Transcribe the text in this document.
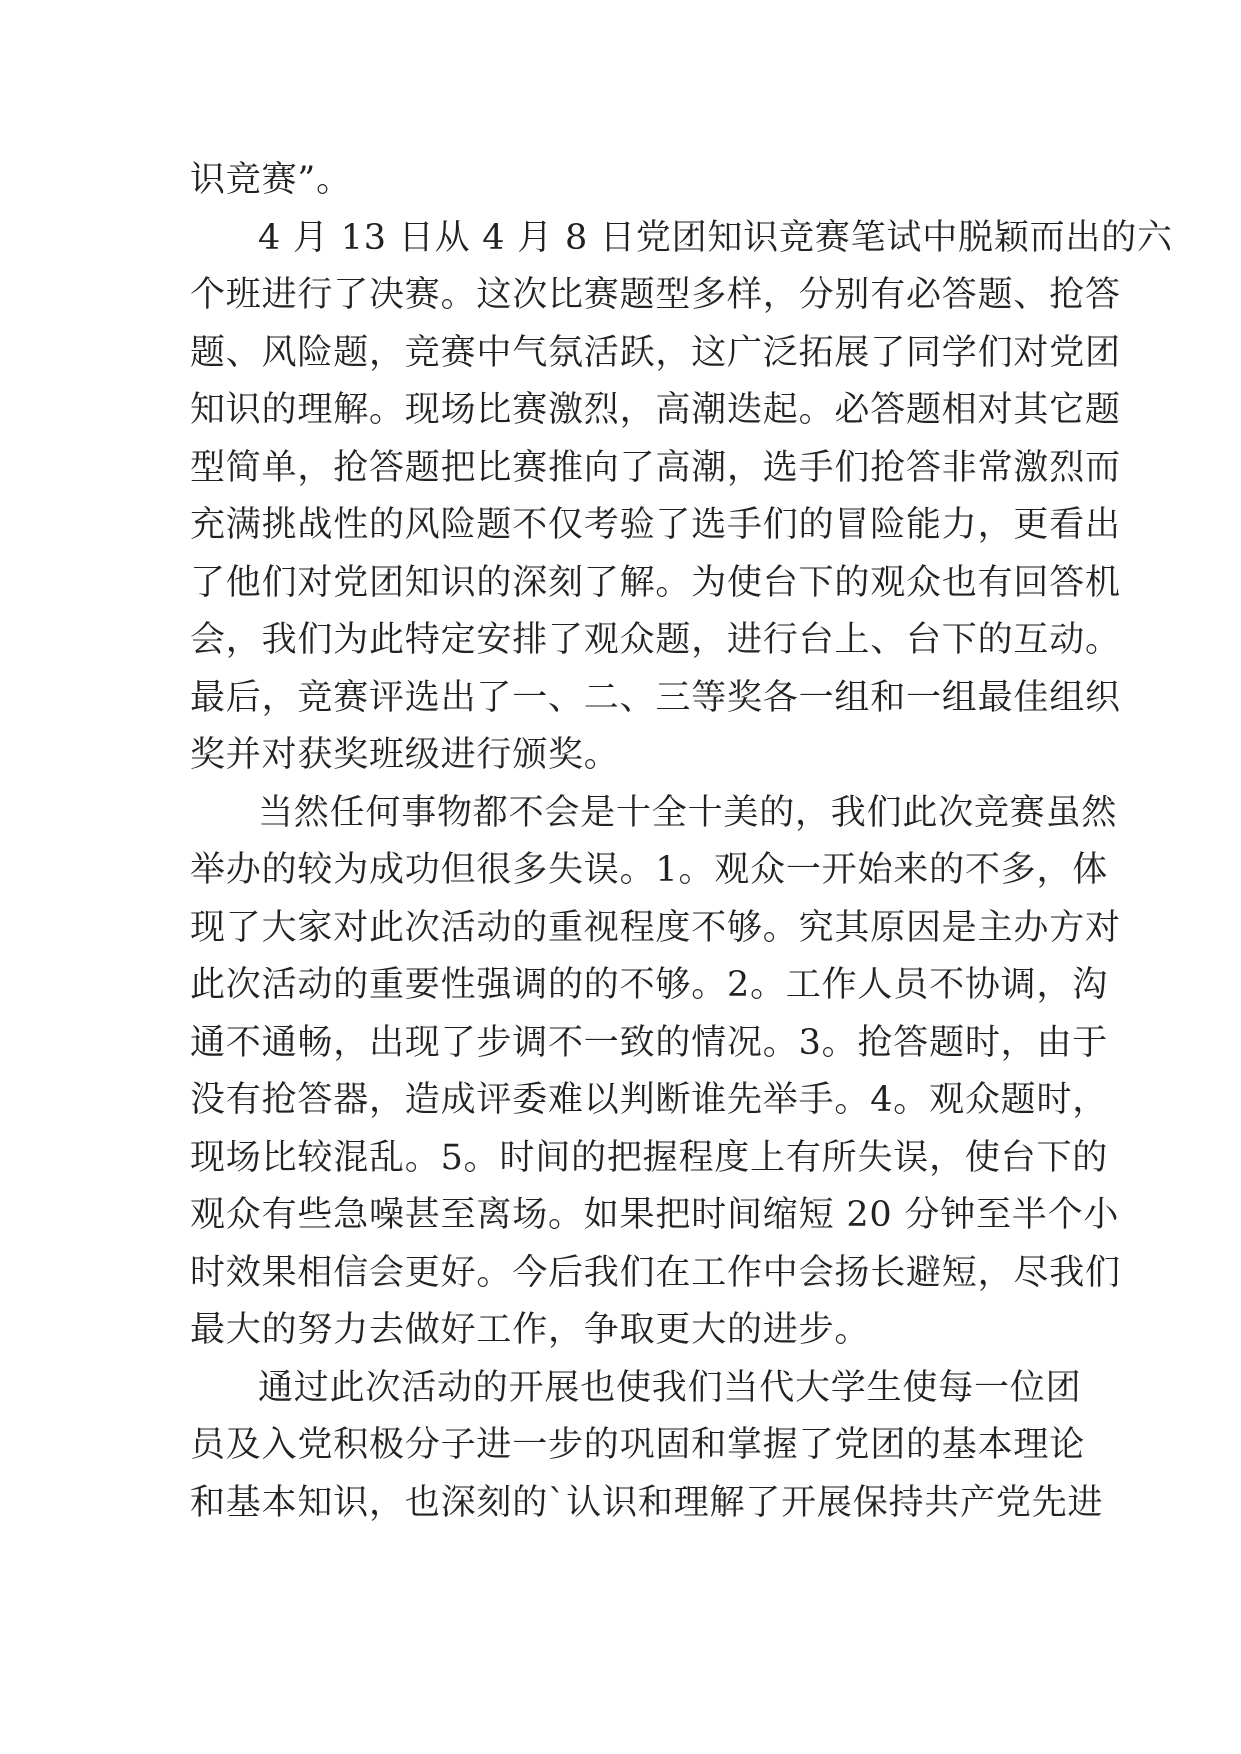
识竞赛”。
4 月 13 日从 4 月 8 日党团知识竞赛笔试中脱颖而出的六
个班进行了决赛。这次比赛题型多样，分别有必答题、抢答
题、风险题，竞赛中气氛活跃，这广泛拓展了同学们对党团
知识的理解。现场比赛激烈，高潮迭起。必答题相对其它题
型简单，抢答题把比赛推向了高潮，选手们抢答非常激烈而
充满挑战性的风险题不仅考验了选手们的冒险能力，更看出
了他们对党团知识的深刻了解。为使台下的观众也有回答机
会，我们为此特定安排了观众题，进行台上、台下的互动。
最后，竞赛评选出了一、二、三等奖各一组和一组最佳组织
奖并对获奖班级进行颁奖。
当然任何事物都不会是十全十美的，我们此次竞赛虽然
举办的较为成功但很多失误。1。观众一开始来的不多，体
现了大家对此次活动的重视程度不够。究其原因是主办方对
此次活动的重要性强调的的不够。2。工作人员不协调，沟
通不通畅，出现了步调不一致的情况。3。抢答题时，由于
没有抢答器，造成评委难以判断谁先举手。4。观众题时，
现场比较混乱。5。时间的把握程度上有所失误，使台下的
观众有些急噪甚至离场。如果把时间缩短 20 分钟至半个小
时效果相信会更好。今后我们在工作中会扬长避短，尽我们
最大的努力去做好工作，争取更大的进步。
通过此次活动的开展也使我们当代大学生使每一位团
员及入党积极分子进一步的巩固和掌握了党团的基本理论
和基本知识，也深刻的`认识和理解了开展保持共产党先进
